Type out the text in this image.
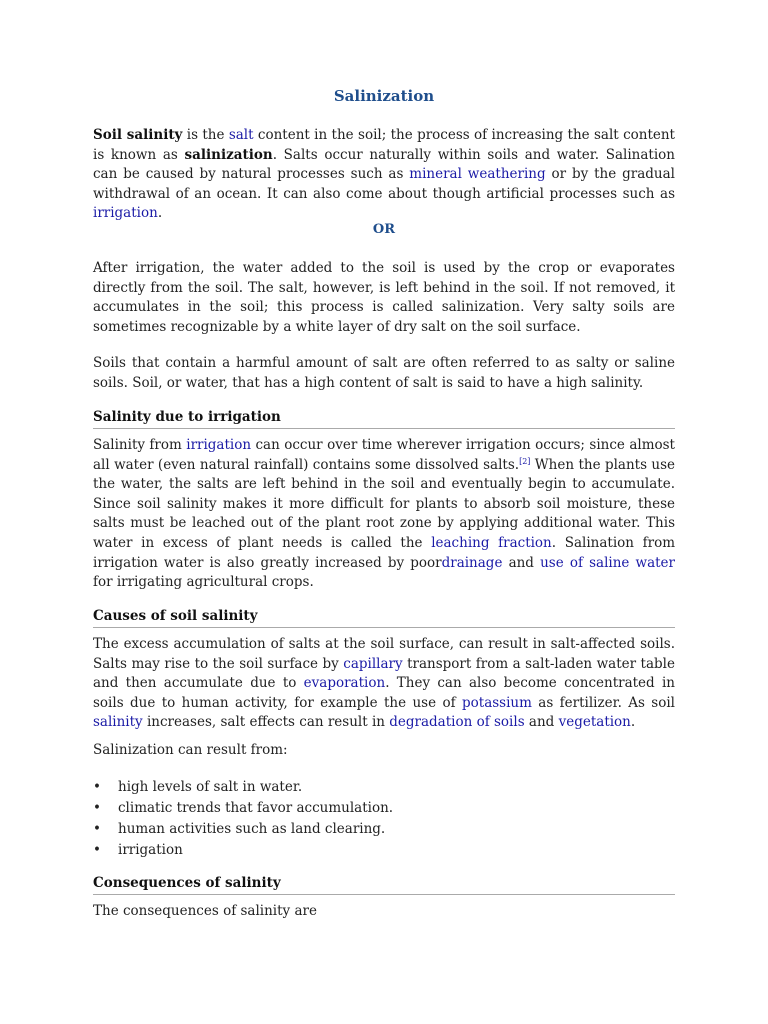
Salinization

Soil salinity is the salt content in the soil; the process of increasing the salt content is known as salinization. Salts occur naturally within soils and water. Salination can be caused by natural processes such as mineral weathering or by the gradual withdrawal of an ocean. It can also come about though artificial processes such as irrigation.

OR

After irrigation, the water added to the soil is used by the crop or evaporates directly from the soil. The salt, however, is left behind in the soil. If not removed, it accumulates in the soil; this process is called salinization. Very salty soils are sometimes recognizable by a white layer of dry salt on the soil surface.

Soils that contain a harmful amount of salt are often referred to as salty or saline soils. Soil, or water, that has a high content of salt is said to have a high salinity.

Salinity due to irrigation

Salinity from irrigation can occur over time wherever irrigation occurs; since almost all water (even natural rainfall) contains some dissolved salts.[2] When the plants use the water, the salts are left behind in the soil and eventually begin to accumulate. Since soil salinity makes it more difficult for plants to absorb soil moisture, these salts must be leached out of the plant root zone by applying additional water. This water in excess of plant needs is called the leaching fraction. Salination from irrigation water is also greatly increased by poordrainage and use of saline water for irrigating agricultural crops.

Causes of soil salinity

The excess accumulation of salts at the soil surface, can result in salt-affected soils. Salts may rise to the soil surface by capillary transport from a salt-laden water table and then accumulate due to evaporation. They can also become concentrated in soils due to human activity, for example the use of potassium as fertilizer. As soil salinity increases, salt effects can result in degradation of soils and vegetation.

Salinization can result from:

• high levels of salt in water.
• climatic trends that favor accumulation.
• human activities such as land clearing.
• irrigation
Consequences of salinity

The consequences of salinity are
